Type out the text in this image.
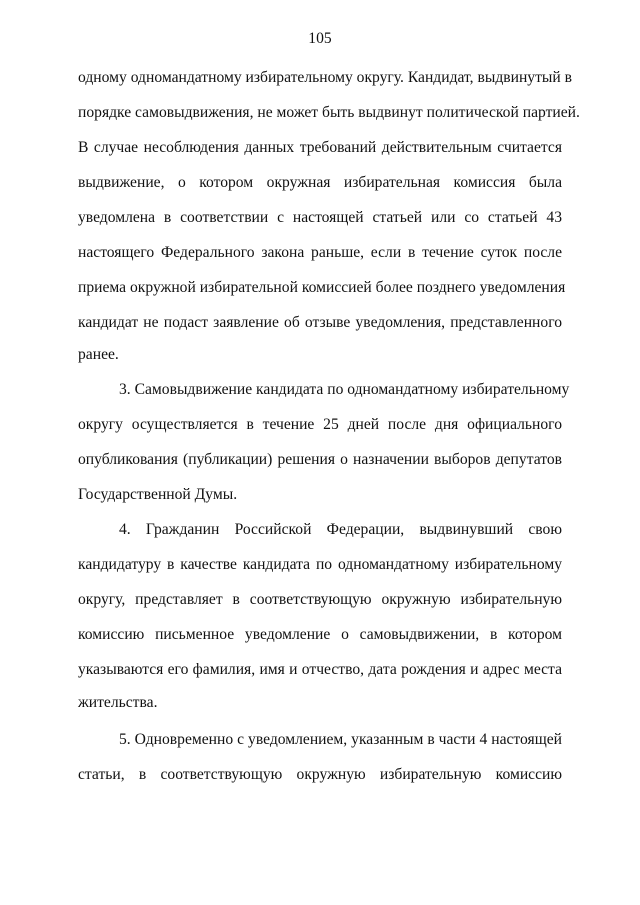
105
одному одномандатному избирательному округу. Кандидат, выдвинутый в
порядке самовыдвижения, не может быть выдвинут политической партией.
В случае несоблюдения данных требований действительным считается
выдвижение, о котором окружная избирательная комиссия была
уведомлена в соответствии с настоящей статьей или со статьей 43
настоящего Федерального закона раньше, если в течение суток после
приема окружной избирательной комиссией более позднего уведомления
кандидат не подаст заявление об отзыве уведомления, представленного
ранее.
3. Самовыдвижение кандидата по одномандатному избирательному
округу осуществляется в течение 25 дней после дня официального
опубликования (публикации) решения о назначении выборов депутатов
Государственной Думы.
4. Гражданин Российской Федерации, выдвинувший свою
кандидатуру в качестве кандидата по одномандатному избирательному
округу, представляет в соответствующую окружную избирательную
комиссию письменное уведомление о самовыдвижении, в котором
указываются его фамилия, имя и отчество, дата рождения и адрес места
жительства.
5. Одновременно с уведомлением, указанным в части 4 настоящей
статьи, в соответствующую окружную избирательную комиссию
